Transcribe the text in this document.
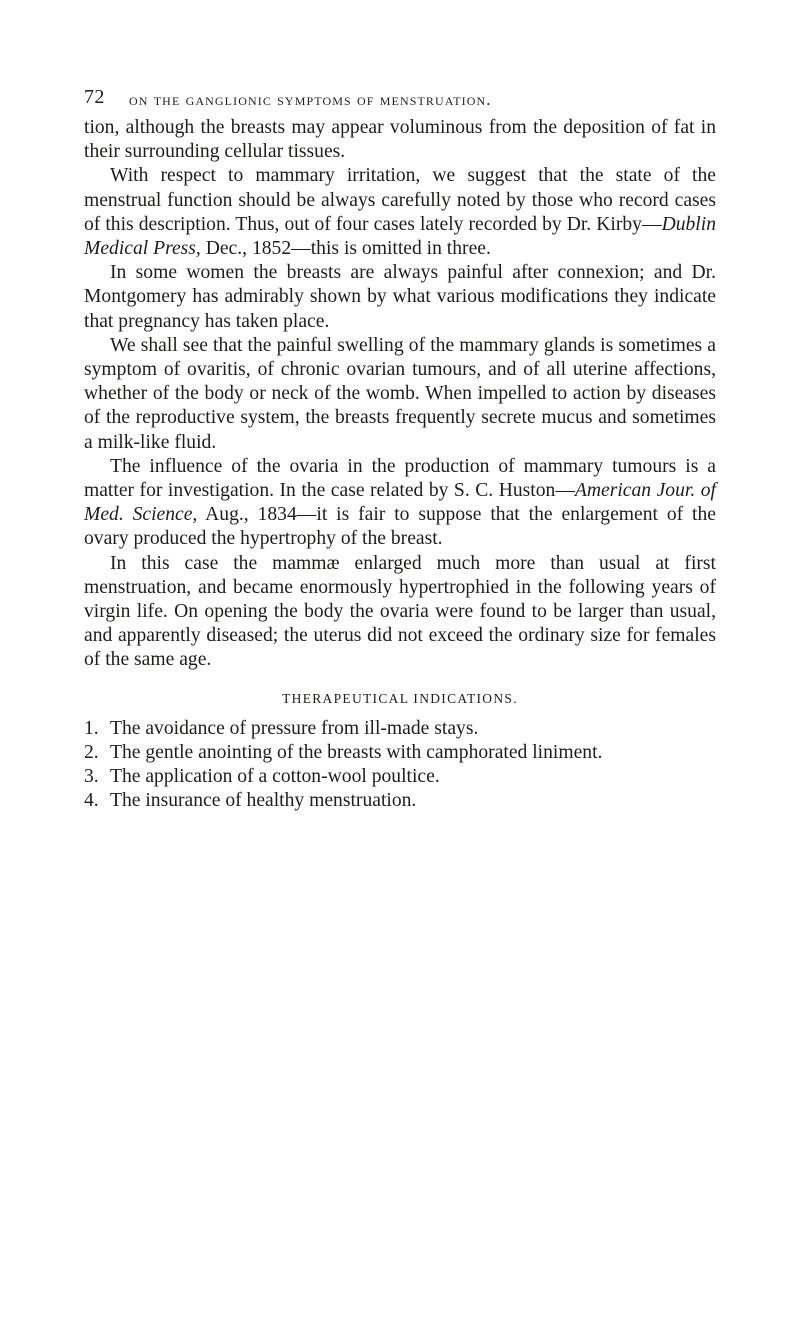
72 on the ganglionic symptoms of menstruation.

tion, although the breasts may appear voluminous from the deposition of fat in their surrounding cellular tissues.

With respect to mammary irritation, we suggest that the state of the menstrual function should be always carefully noted by those who record cases of this description. Thus, out of four cases lately recorded by Dr. Kirby—Dublin Medical Press, Dec., 1852—this is omitted in three.

In some women the breasts are always painful after connexion; and Dr. Montgomery has admirably shown by what various modifications they indicate that pregnancy has taken place.

We shall see that the painful swelling of the mammary glands is sometimes a symptom of ovaritis, of chronic ovarian tumours, and of all uterine affections, whether of the body or neck of the womb. When impelled to action by diseases of the reproductive system, the breasts frequently secrete mucus and sometimes a milk-like fluid.

The influence of the ovaria in the production of mammary tumours is a matter for investigation. In the case related by S. C. Huston—American Jour. of Med. Science, Aug., 1834—it is fair to suppose that the enlargement of the ovary produced the hypertrophy of the breast.

In this case the mammæ enlarged much more than usual at first menstruation, and became enormously hypertrophied in the following years of virgin life. On opening the body the ovaria were found to be larger than usual, and apparently diseased; the uterus did not exceed the ordinary size for females of the same age.

THERAPEUTICAL INDICATIONS.
1. The avoidance of pressure from ill-made stays.
2. The gentle anointing of the breasts with camphorated liniment.
3. The application of a cotton-wool poultice.
4. The insurance of healthy menstruation.
